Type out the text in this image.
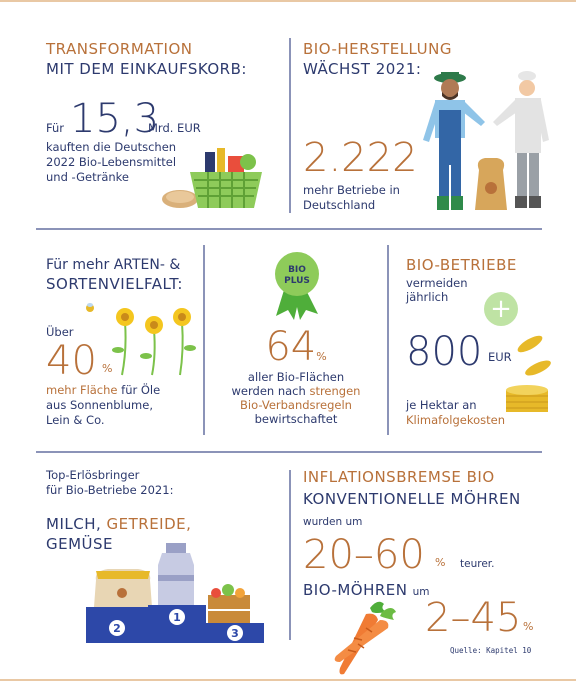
TRANSFORMATION
MIT DEM EINKAUFSKORB:
Für 15,3
Mrd. EUR
kauften die Deutschen
2022 Bio-Lebensmittel
und -Getränke
BIO-HERSTELLUNG
WÄCHST 2021:
2.222
mehr Betriebe in
Deutschland
Für mehr ARTEN- &
SORTENVIELFALT:
Über
40 %
mehr Fläche für Öle
aus Sonnenblume,
Lein & Co.
BIO
PLUS
64%
aller Bio-Flächen
werden nach strengen
Bio-Verbandsregeln
bewirtschaftet
BIO-BETRIEBE
vermeiden
jährlich +
800 EUR
je Hektar an
Klimafolgekosten
Top-Erlösbringer
für Bio-Betriebe 2021:
MILCH, GETREIDE,
GEMÜSE
2
1
3
INFLATIONSBREMSE BIO
KONVENTIONELLE MÖHREN
wurden um
20–60 % teurer.
BIO-MÖHREN um
2–45 %
Quelle: Kapitel 10
